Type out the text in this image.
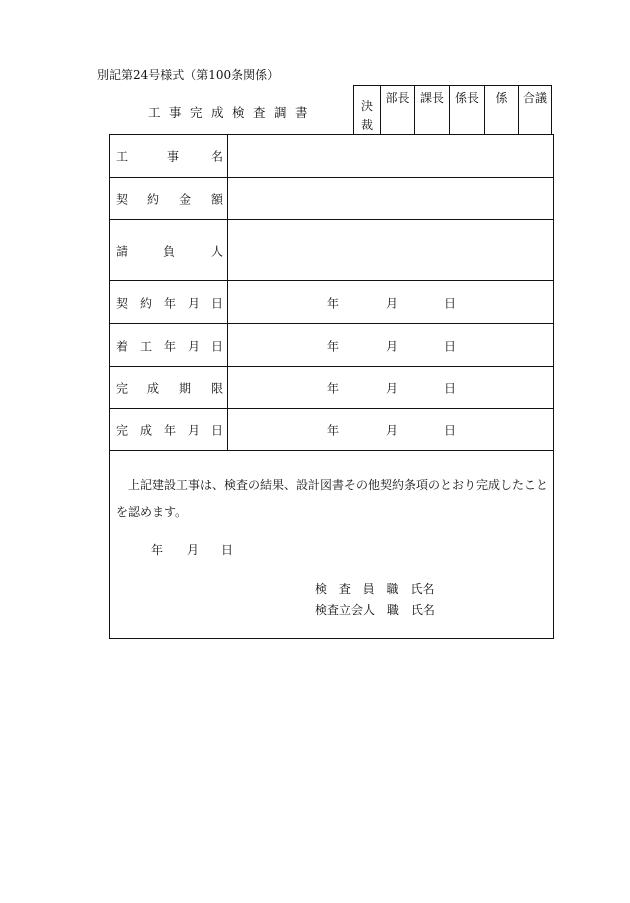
別記第24号様式（第100条関係）
工事完成検査調書	決
裁
部長 課長 係長	係	合議
工	事	名
契 約 金 額
請	負	人
契 約 年 月 日	年	月	日
着 工 年 月 日	年	月	日
完 成 期 限	年	月	日
完 成 年 月 日	年	月	日
上記建設工事は、検査の結果、設計図書その他契約条項のとおり完成したことを認めます。
年 月 日
検 査 員 職　氏名
検査立会人 職　氏名
